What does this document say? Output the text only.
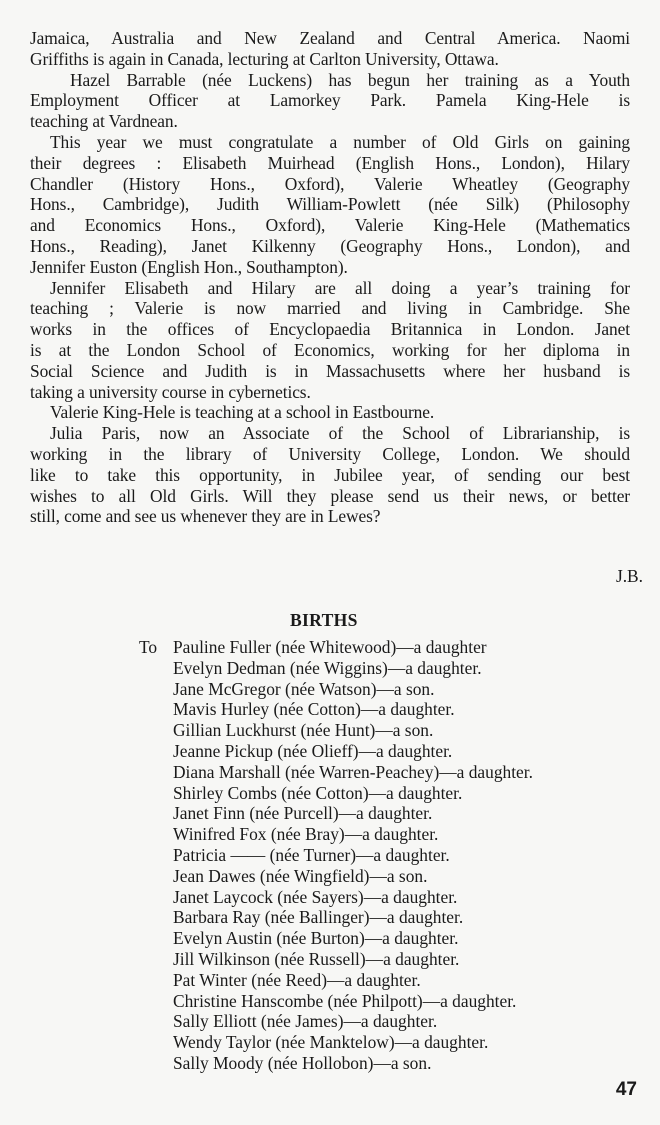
Jamaica, Australia and New Zealand and Central America. Naomi
Griffiths is again in Canada, lecturing at Carlton University, Ottawa.

Hazel Barrable (née Luckens) has begun her training as a Youth
Employment Officer at Lamorkey Park. Pamela King-Hele is
teaching at Vardnean.

This year we must congratulate a number of Old Girls on gaining
their degrees : Elisabeth Muirhead (English Hons., London), Hilary
Chandler (History Hons., Oxford), Valerie Wheatley (Geography
Hons., Cambridge), Judith William-Powlett (née Silk) (Philosophy
and Economics Hons., Oxford), Valerie King-Hele (Mathematics
Hons., Reading), Janet Kilkenny (Geography Hons., London), and
Jennifer Euston (English Hon., Southampton).

Jennifer Elisabeth and Hilary are all doing a year’s training for
teaching ; Valerie is now married and living in Cambridge. She
works in the offices of Encyclopaedia Britannica in London. Janet
is at the London School of Economics, working for her diploma in
Social Science and Judith is in Massachusetts where her husband is
taking a university course in cybernetics.

Valerie King-Hele is teaching at a school in Eastbourne.

Julia Paris, now an Associate of the School of Librarianship, is
working in the library of University College, London. We should
like to take this opportunity, in Jubilee year, of sending our best
wishes to all Old Girls. Will they please send us their news, or better
still, come and see us whenever they are in Lewes?

J.B.
BIRTHS
To Pauline Fuller (née Whitewood)—a daughter
Evelyn Dedman (née Wiggins)—a daughter.
Jane McGregor (née Watson)—a son.
Mavis Hurley (née Cotton)—a daughter.
Gillian Luckhurst (née Hunt)—a son.
Jeanne Pickup (née Olieff)—a daughter.
Diana Marshall (née Warren-Peachey)—a daughter.
Shirley Combs (née Cotton)—a daughter.
Janet Finn (née Purcell)—a daughter.
Winifred Fox (née Bray)—a daughter.
Patricia —— (née Turner)—a daughter.
Jean Dawes (née Wingfield)—a son.
Janet Laycock (née Sayers)—a daughter.
Barbara Ray (née Ballinger)—a daughter.
Evelyn Austin (née Burton)—a daughter.
Jill Wilkinson (née Russell)—a daughter.
Pat Winter (née Reed)—a daughter.
Christine Hanscombe (née Philpott)—a daughter.
Sally Elliott (née James)—a daughter.
Wendy Taylor (née Manktelow)—a daughter.
Sally Moody (née Hollobon)—a son.
47
